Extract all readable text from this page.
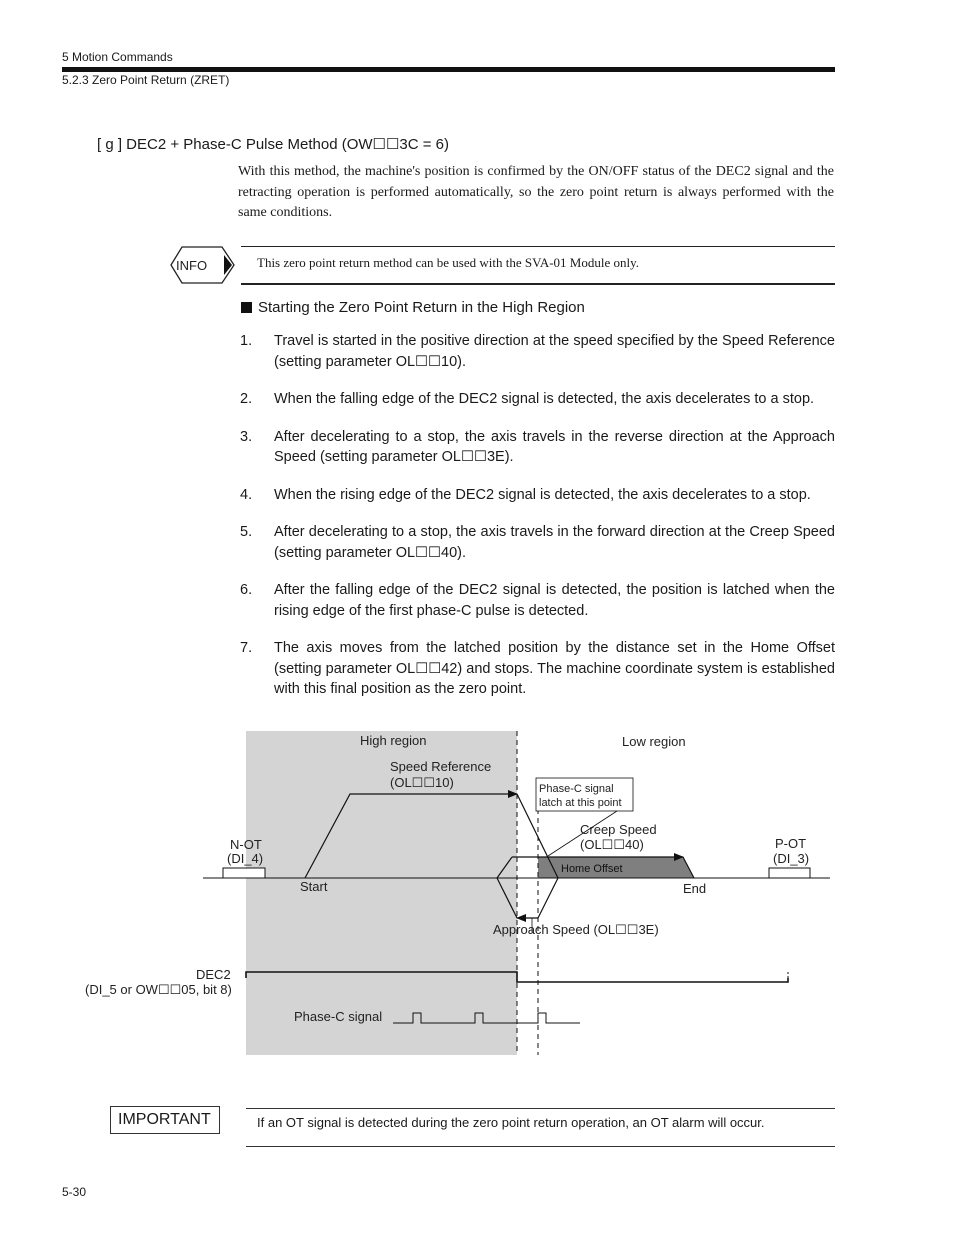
5 Motion Commands
5.2.3 Zero Point Return (ZRET)
[ g ] DEC2 + Phase-C Pulse Method (OW☐☐3C = 6)
With this method, the machine's position is confirmed by the ON/OFF status of the DEC2 signal and the retracting operation is performed automatically, so the zero point return is always performed with the same conditions.
INFO	This zero point return method can be used with the SVA-01 Module only.
Starting the Zero Point Return in the High Region
1. Travel is started in the positive direction at the speed specified by the Speed Reference (setting parameter OL☐☐10).
2. When the falling edge of the DEC2 signal is detected, the axis decelerates to a stop.
3. After decelerating to a stop, the axis travels in the reverse direction at the Approach Speed (setting parameter OL☐☐3E).
4. When the rising edge of the DEC2 signal is detected, the axis decelerates to a stop.
5. After decelerating to a stop, the axis travels in the forward direction at the Creep Speed (setting parameter OL☐☐40).
6. After the falling edge of the DEC2 signal is detected, the position is latched when the rising edge of the first phase-C pulse is detected.
7. The axis moves from the latched position by the distance set in the Home Offset (setting parameter OL☐☐42) and stops. The machine coordinate system is established with this final position as the zero point.
High region	Low region
Speed Reference
(OL☐☐10)	Phase-C signal
latch at this point
Creep Speed
(OL☐☐40)
Home Offset
N-OT
(DI_4)
P-OT
(DI_3)
Start	End
Approach Speed (OL☐☐3E)
DEC2
(DI_5 or OW☐☐05, bit 8)
Phase-C signal
IMPORTANT	If an OT signal is detected during the zero point return operation, an OT alarm will occur.
5-30
